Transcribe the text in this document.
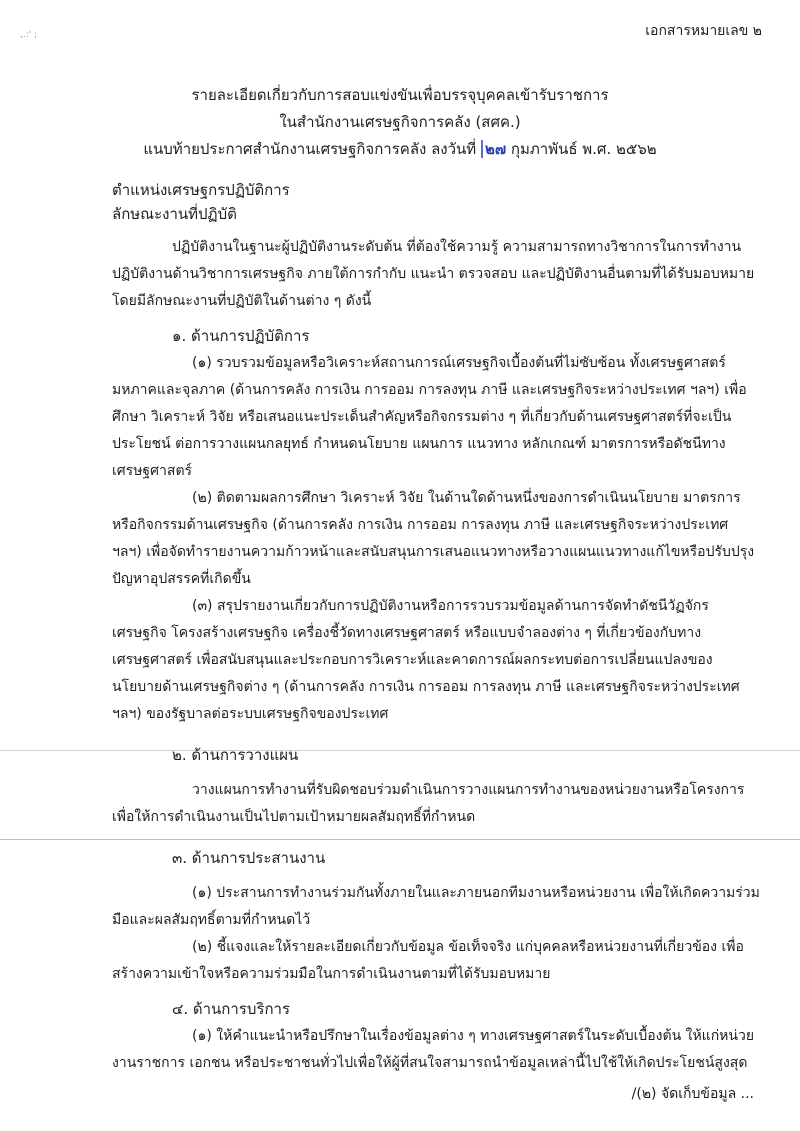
,.:' ;	เอกสารหมายเลข ๒
รายละเอียดเกี่ยวกับการสอบแข่งขันเพื่อบรรจุบุคคลเข้ารับราชการ
ในสำนักงานเศรษฐกิจการคลัง (สศค.)
แนบท้ายประกาศสำนักงานเศรษฐกิจการคลัง ลงวันที่ ๒๗ กุมภาพันธ์ พ.ศ. ๒๕๖๒
ตำแหน่งเศรษฐกรปฏิบัติการ
ลักษณะงานที่ปฏิบัติ
ปฏิบัติงานในฐานะผู้ปฏิบัติงานระดับต้น ที่ต้องใช้ความรู้ ความสามารถทางวิชาการในการทำงาน ปฏิบัติงานด้านวิชาการเศรษฐกิจ ภายใต้การกำกับ แนะนำ ตรวจสอบ และปฏิบัติงานอื่นตามที่ได้รับมอบหมาย โดยมีลักษณะงานที่ปฏิบัติในด้านต่าง ๆ ดังนี้
๑. ด้านการปฏิบัติการ
(๑) รวบรวมข้อมูลหรือวิเคราะห์สถานการณ์เศรษฐกิจเบื้องต้นที่ไม่ซับซ้อน ทั้งเศรษฐศาสตร์มหภาคและจุลภาค (ด้านการคลัง การเงิน การออม การลงทุน ภาษี และเศรษฐกิจระหว่างประเทศ ฯลฯ) เพื่อศึกษา วิเคราะห์ วิจัย หรือเสนอแนะประเด็นสำคัญหรือกิจกรรมต่าง ๆ ที่เกี่ยวกับด้านเศรษฐศาสตร์ที่จะเป็นประโยชน์ ต่อการวางแผนกลยุทธ์ กำหนดนโยบาย แผนการ แนวทาง หลักเกณฑ์ มาตรการหรือดัชนีทางเศรษฐศาสตร์
(๒) ติดตามผลการศึกษา วิเคราะห์ วิจัย ในด้านใดด้านหนึ่งของการดำเนินนโยบาย มาตรการหรือกิจกรรมด้านเศรษฐกิจ (ด้านการคลัง การเงิน การออม การลงทุน ภาษี และเศรษฐกิจระหว่างประเทศ ฯลฯ) เพื่อจัดทำรายงานความก้าวหน้าและสนับสนุนการเสนอแนวทางหรือวางแผนแนวทางแก้ไขหรือปรับปรุงปัญหาอุปสรรคที่เกิดขึ้น
(๓) สรุปรายงานเกี่ยวกับการปฏิบัติงานหรือการรวบรวมข้อมูลด้านการจัดทำดัชนีวัฏจักรเศรษฐกิจ โครงสร้างเศรษฐกิจ เครื่องชี้วัดทางเศรษฐศาสตร์ หรือแบบจำลองต่าง ๆ ที่เกี่ยวข้องกับทางเศรษฐศาสตร์ เพื่อสนับสนุนและประกอบการวิเคราะห์และคาดการณ์ผลกระทบต่อการเปลี่ยนแปลงของนโยบายด้านเศรษฐกิจต่าง ๆ (ด้านการคลัง การเงิน การออม การลงทุน ภาษี และเศรษฐกิจระหว่างประเทศ ฯลฯ) ของรัฐบาลต่อระบบเศรษฐกิจของประเทศ
๒. ด้านการวางแผน
วางแผนการทำงานที่รับผิดชอบร่วมดำเนินการวางแผนการทำงานของหน่วยงานหรือโครงการ เพื่อให้การดำเนินงานเป็นไปตามเป้าหมายผลสัมฤทธิ์ที่กำหนด
๓. ด้านการประสานงาน
(๑) ประสานการทำงานร่วมกันทั้งภายในและภายนอกทีมงานหรือหน่วยงาน เพื่อให้เกิดความร่วมมือและผลสัมฤทธิ์ตามที่กำหนดไว้
(๒) ชี้แจงและให้รายละเอียดเกี่ยวกับข้อมูล ข้อเท็จจริง แก่บุคคลหรือหน่วยงานที่เกี่ยวข้อง เพื่อสร้างความเข้าใจหรือความร่วมมือในการดำเนินงานตามที่ได้รับมอบหมาย
๔. ด้านการบริการ
(๑) ให้คำแนะนำหรือปรึกษาในเรื่องข้อมูลต่าง ๆ ทางเศรษฐศาสตร์ในระดับเบื้องต้น ให้แก่หน่วยงานราชการ เอกชน หรือประชาชนทั่วไปเพื่อให้ผู้ที่สนใจสามารถนำข้อมูลเหล่านี้ไปใช้ให้เกิดประโยชน์สูงสุด
/(๒) จัดเก็บข้อมูล ...
